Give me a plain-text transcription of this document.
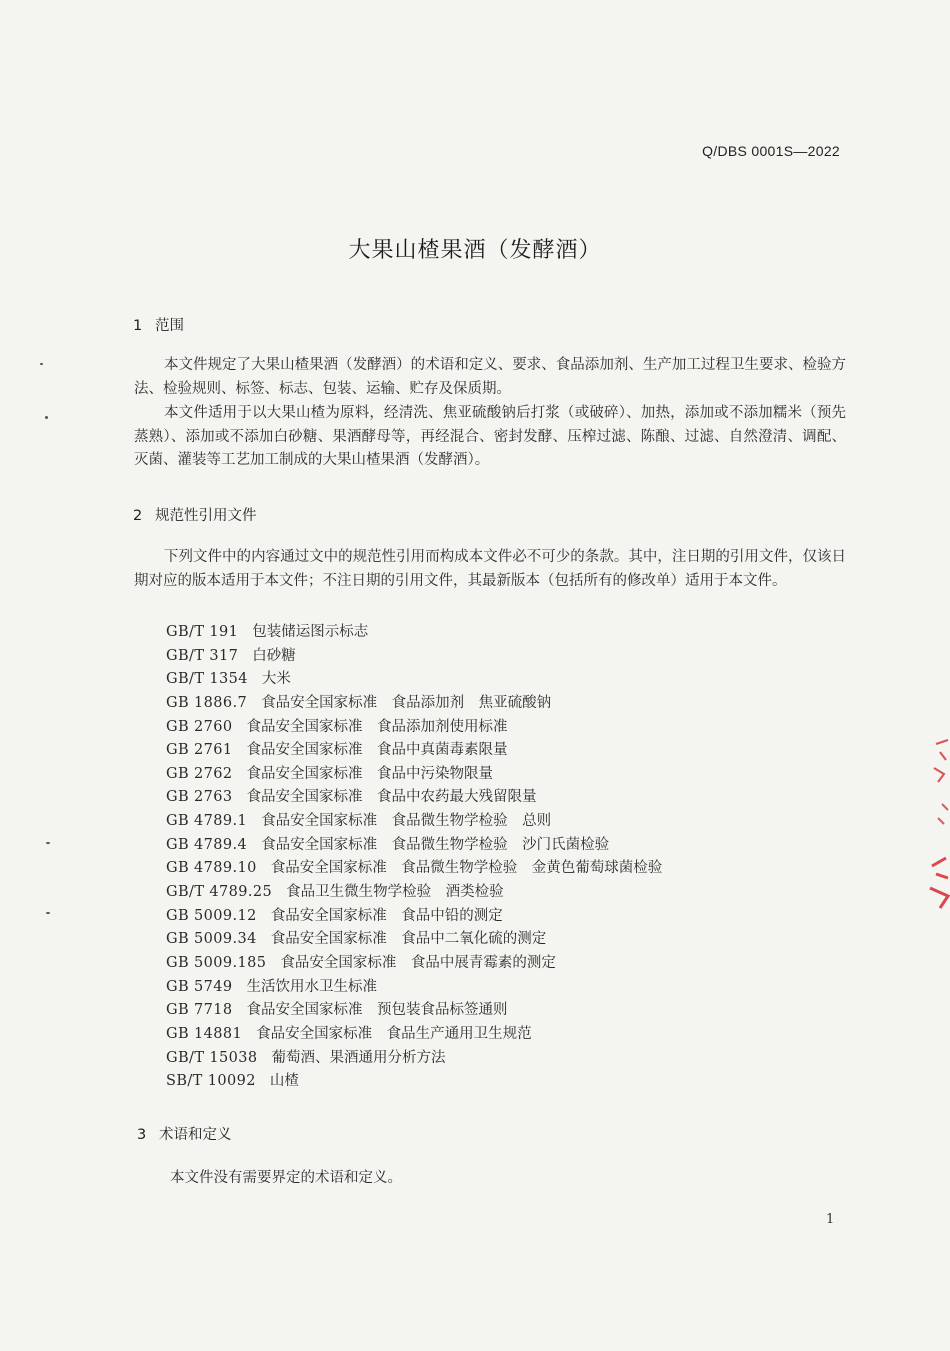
Q/DBS 0001S—2022
大果山楂果酒（发酵酒）
1 范围
本文件规定了大果山楂果酒（发酵酒）的术语和定义、要求、食品添加剂、生产加工过程卫生要求、检验方法、检验规则、标签、标志、包装、运输、贮存及保质期。
本文件适用于以大果山楂为原料，经清洗、焦亚硫酸钠后打浆（或破碎）、加热，添加或不添加糯米（预先蒸熟）、添加或不添加白砂糖、果酒酵母等，再经混合、密封发酵、压榨过滤、陈酿、过滤、自然澄清、调配、灭菌、灌装等工艺加工制成的大果山楂果酒（发酵酒）。
2 规范性引用文件
下列文件中的内容通过文中的规范性引用而构成本文件必不可少的条款。其中，注日期的引用文件，仅该日期对应的版本适用于本文件；不注日期的引用文件，其最新版本（包括所有的修改单）适用于本文件。
GB/T 191 包装储运图示标志
GB/T 317 白砂糖
GB/T 1354 大米
GB 1886.7 食品安全国家标准　食品添加剂　焦亚硫酸钠
GB 2760 食品安全国家标准　食品添加剂使用标准
GB 2761 食品安全国家标准　食品中真菌毒素限量
GB 2762 食品安全国家标准　食品中污染物限量
GB 2763 食品安全国家标准　食品中农药最大残留限量
GB 4789.1 食品安全国家标准　食品微生物学检验　总则
GB 4789.4 食品安全国家标准　食品微生物学检验　沙门氏菌检验
GB 4789.10 食品安全国家标准　食品微生物学检验　金黄色葡萄球菌检验
GB/T 4789.25 食品卫生微生物学检验　酒类检验
GB 5009.12 食品安全国家标准　食品中铅的测定
GB 5009.34 食品安全国家标准　食品中二氧化硫的测定
GB 5009.185 食品安全国家标准　食品中展青霉素的测定
GB 5749 生活饮用水卫生标准
GB 7718 食品安全国家标准　预包装食品标签通则
GB 14881 食品安全国家标准　食品生产通用卫生规范
GB/T 15038 葡萄酒、果酒通用分析方法
SB/T 10092 山楂
3 术语和定义
本文件没有需要界定的术语和定义。
1
